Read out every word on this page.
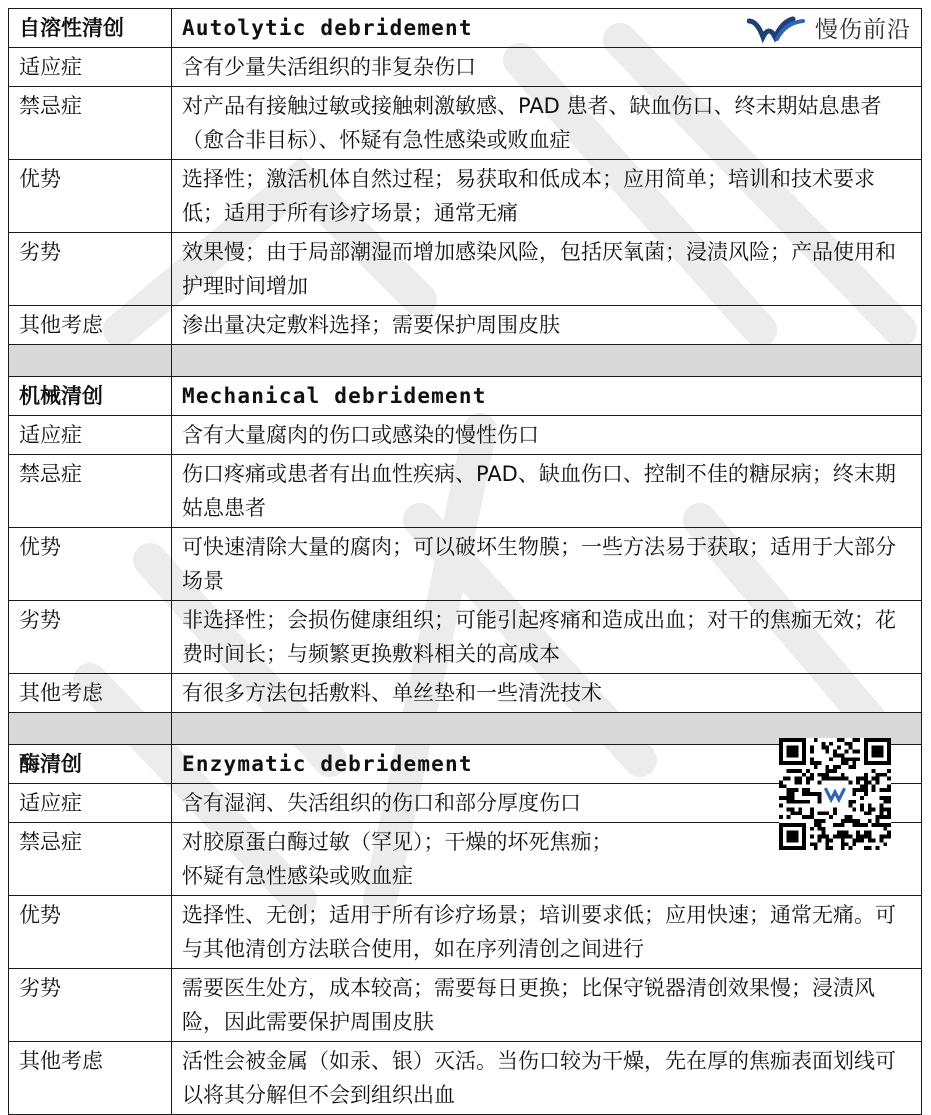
自溶性清创	Autolytic debridement 慢伤前沿

适应症	含有少量失活组织的非复杂伤口
禁忌症	对产品有接触过敏或接触刺激敏感、PAD 患者、缺血伤口、终末期姑息患者（愈合非目标）、怀疑有急性感染或败血症
优势	选择性；激活机体自然过程；易获取和低成本；应用简单；培训和技术要求低；适用于所有诊疗场景；通常无痛
劣势	效果慢；由于局部潮湿而增加感染风险，包括厌氧菌；浸渍风险；产品使用和护理时间增加
其他考虑	渗出量决定敷料选择；需要保护周围皮肤

机械清创	Mechanical debridement
适应症	含有大量腐肉的伤口或感染的慢性伤口
禁忌症	伤口疼痛或患者有出血性疾病、PAD、缺血伤口、控制不佳的糖尿病；终末期姑息患者
优势	可快速清除大量的腐肉；可以破坏生物膜；一些方法易于获取；适用于大部分场景
劣势	非选择性；会损伤健康组织；可能引起疼痛和造成出血；对干的焦痂无效；花费时间长；与频繁更换敷料相关的高成本
其他考虑	有很多方法包括敷料、单丝垫和一些清洗技术

酶清创	Enzymatic debridement
适应症	含有湿润、失活组织的伤口和部分厚度伤口
禁忌症	对胶原蛋白酶过敏（罕见）；干燥的坏死焦痂；
怀疑有急性感染或败血症
优势	选择性、无创；适用于所有诊疗场景；培训要求低；应用快速；通常无痛。可与其他清创方法联合使用，如在序列清创之间进行
劣势	需要医生处方，成本较高；需要每日更换；比保守锐器清创效果慢；浸渍风险，因此需要保护周围皮肤
其他考虑	活性会被金属（如汞、银）灭活。当伤口较为干燥，先在厚的焦痂表面划线可以将其分解但不会到组织出血
